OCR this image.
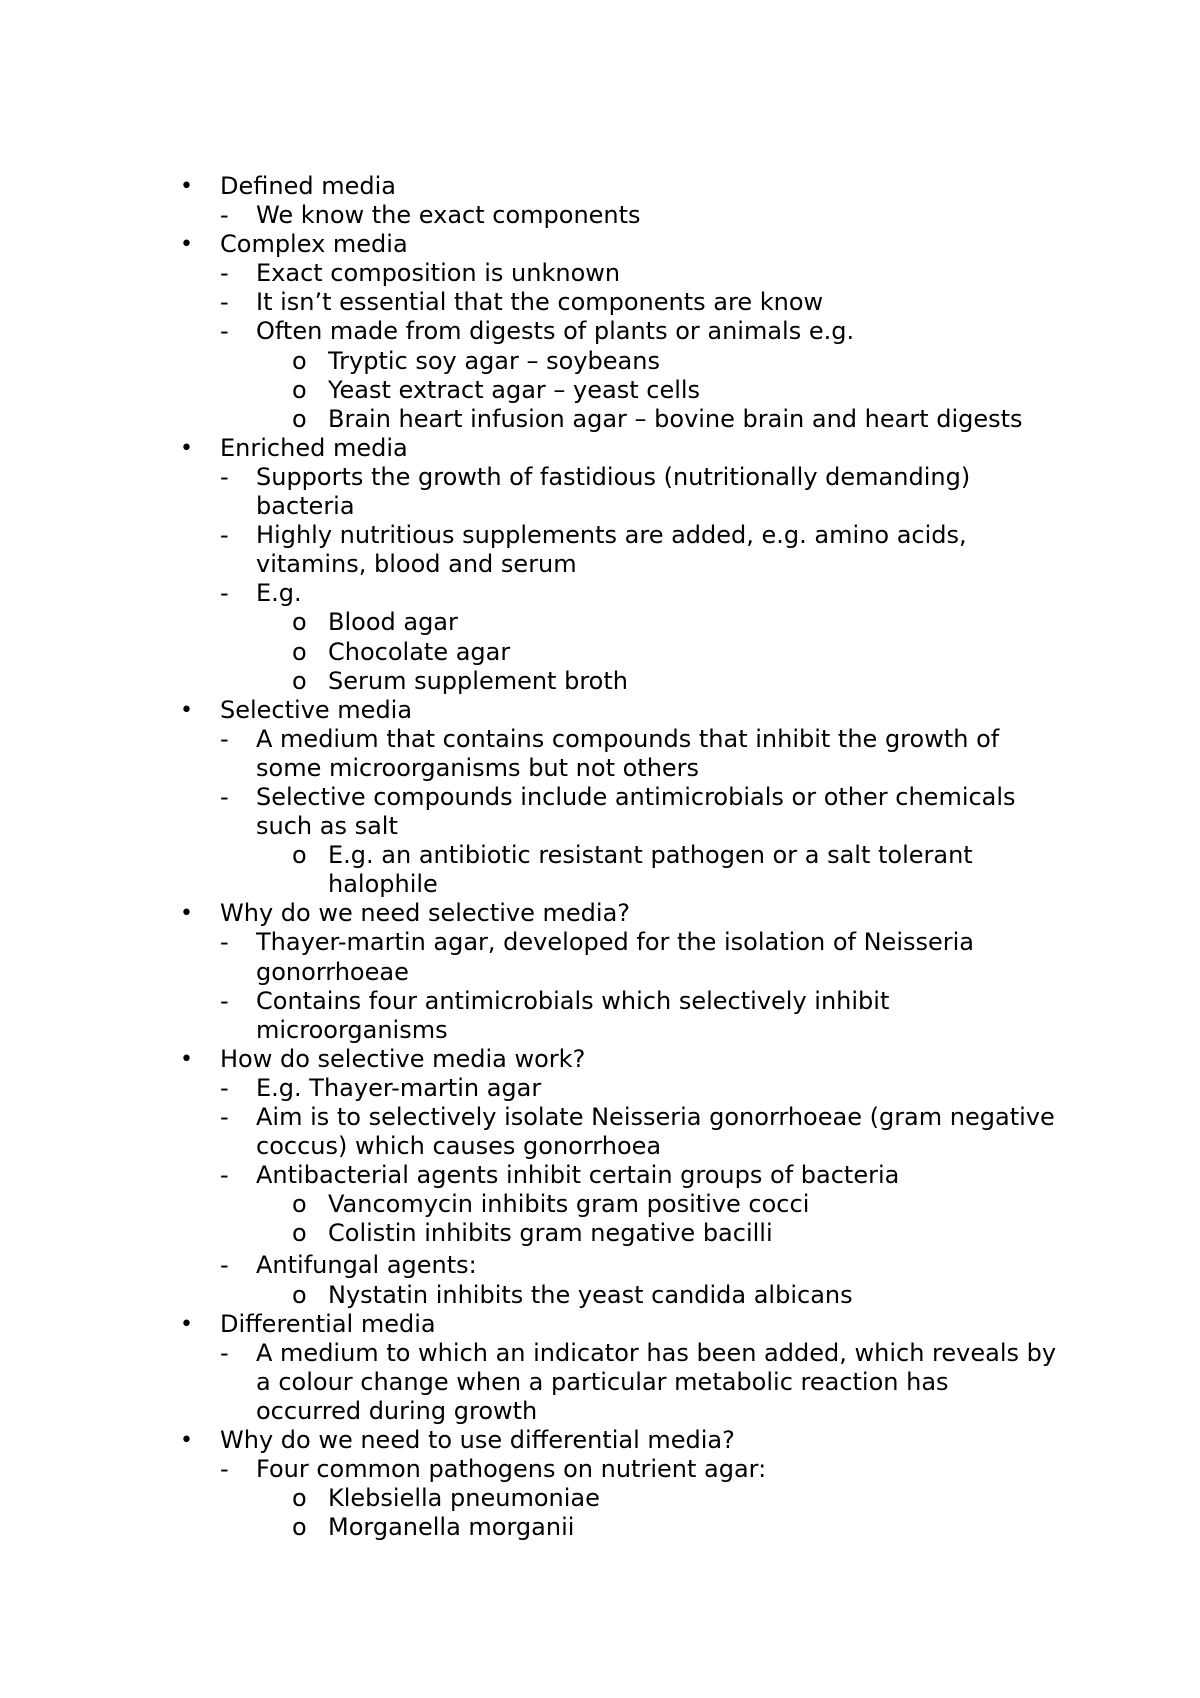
• Defined media
- We know the exact components
• Complex media
- Exact composition is unknown
- It isn’t essential that the components are know
- Often made from digests of plants or animals e.g.
o Tryptic soy agar – soybeans
o Yeast extract agar – yeast cells
o Brain heart infusion agar – bovine brain and heart digests
• Enriched media
- Supports the growth of fastidious (nutritionally demanding) bacteria
- Highly nutritious supplements are added, e.g. amino acids, vitamins, blood and serum
- E.g.
o Blood agar
o Chocolate agar
o Serum supplement broth
• Selective media
- A medium that contains compounds that inhibit the growth of some microorganisms but not others
- Selective compounds include antimicrobials or other chemicals such as salt
o E.g. an antibiotic resistant pathogen or a salt tolerant halophile
• Why do we need selective media?
- Thayer-martin agar, developed for the isolation of Neisseria gonorrhoeae
- Contains four antimicrobials which selectively inhibit microorganisms
• How do selective media work?
- E.g. Thayer-martin agar
- Aim is to selectively isolate Neisseria gonorrhoeae (gram negative coccus) which causes gonorrhoea
- Antibacterial agents inhibit certain groups of bacteria
o Vancomycin inhibits gram positive cocci
o Colistin inhibits gram negative bacilli
- Antifungal agents:
o Nystatin inhibits the yeast candida albicans
• Differential media
- A medium to which an indicator has been added, which reveals by a colour change when a particular metabolic reaction has occurred during growth
• Why do we need to use differential media?
- Four common pathogens on nutrient agar:
o Klebsiella pneumoniae
o Morganella morganii
